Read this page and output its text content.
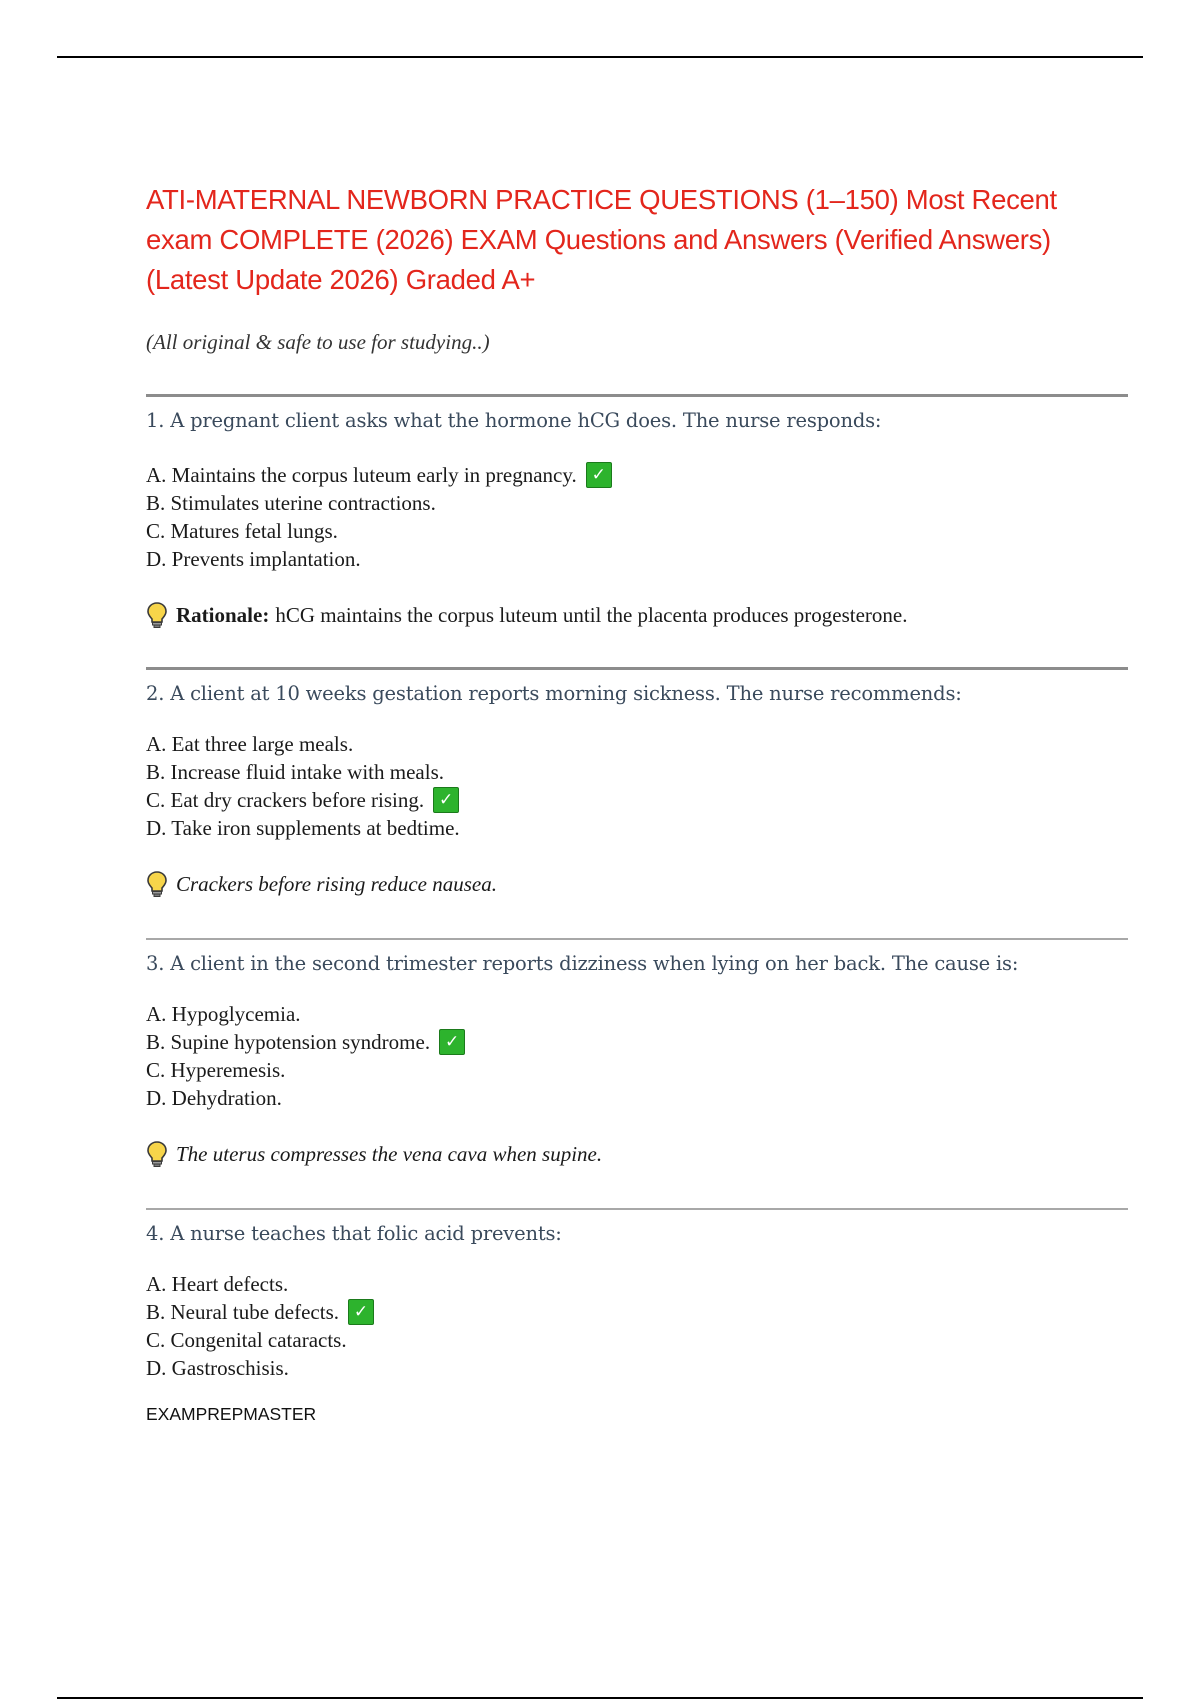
ATI-MATERNAL NEWBORN PRACTICE QUESTIONS (1–150) Most Recent
exam COMPLETE (2026) EXAM Questions and Answers (Verified Answers)
(Latest Update 2026) Graded A+
(All original & safe to use for studying..)
1. A pregnant client asks what the hormone hCG does. The nurse responds:
A. Maintains the corpus luteum early in pregnancy. ✓
B. Stimulates uterine contractions.
C. Matures fetal lungs.
D. Prevents implantation.
Rationale: hCG maintains the corpus luteum until the placenta produces progesterone.
2. A client at 10 weeks gestation reports morning sickness. The nurse recommends:
A. Eat three large meals.
B. Increase fluid intake with meals.
C. Eat dry crackers before rising. ✓
D. Take iron supplements at bedtime.
Crackers before rising reduce nausea.
3. A client in the second trimester reports dizziness when lying on her back. The cause is:
A. Hypoglycemia.
B. Supine hypotension syndrome. ✓
C. Hyperemesis.
D. Dehydration.
The uterus compresses the vena cava when supine.
4. A nurse teaches that folic acid prevents:
A. Heart defects.
B. Neural tube defects. ✓
C. Congenital cataracts.
D. Gastroschisis.
EXAMPREPMASTER
